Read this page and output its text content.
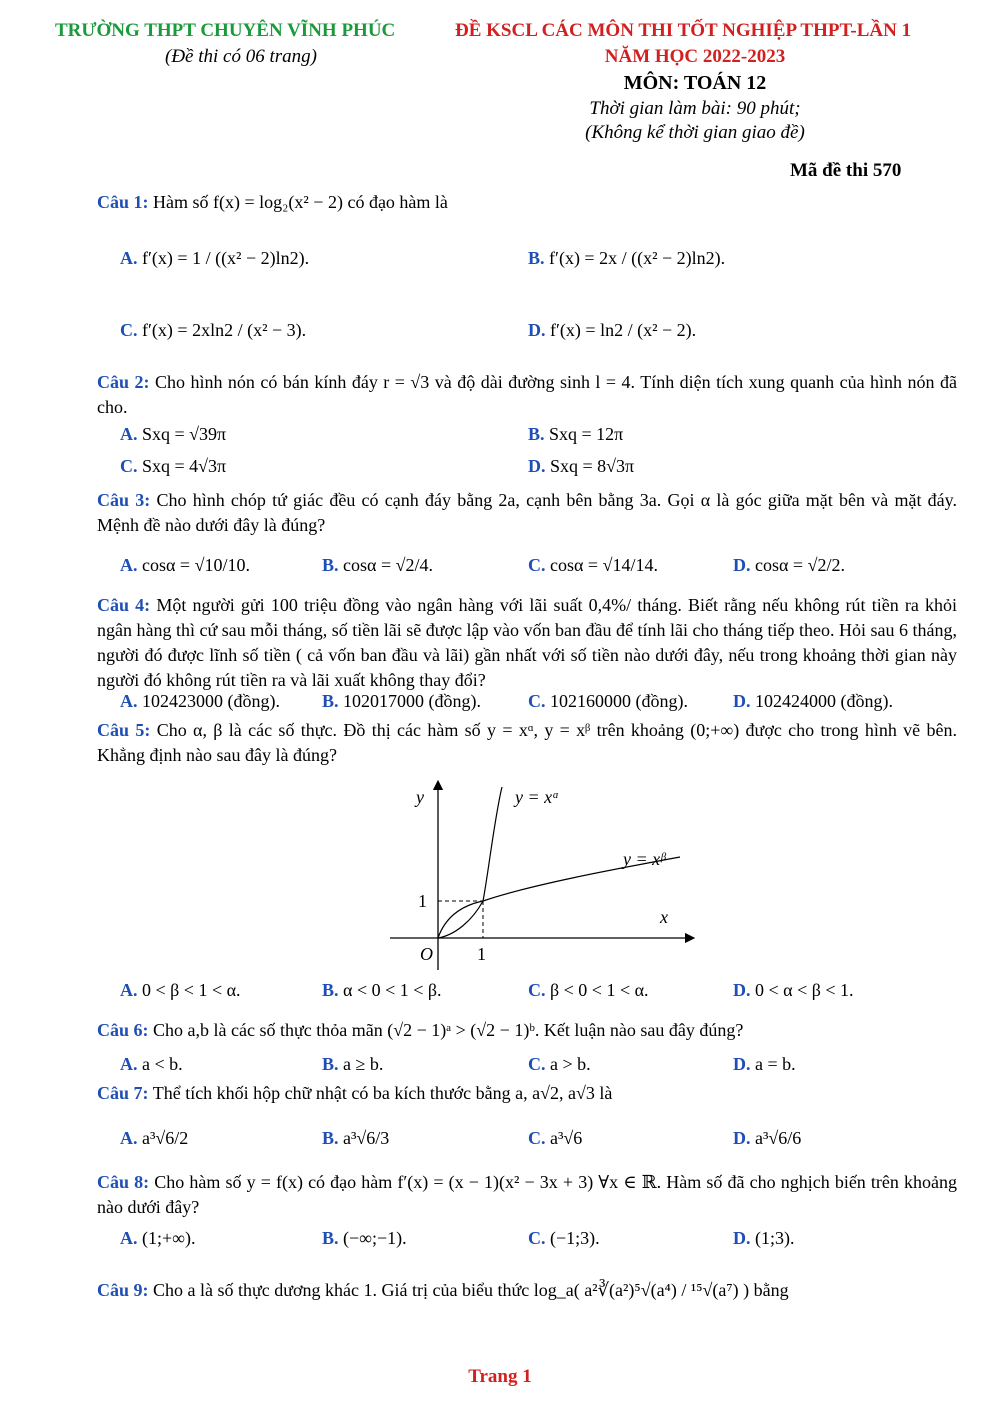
TRƯỜNG THPT CHUYÊN VĨNH PHÚC
(Đề thi có 06 trang)
ĐỀ KSCL CÁC MÔN THI TỐT NGHIỆP THPT-LẦN 1
NĂM HỌC 2022-2023
MÔN: TOÁN 12
Thời gian làm bài: 90 phút;
(Không kể thời gian giao đề)
Mã đề thi 570
Câu 1: Hàm số f(x) = log₂(x² − 2) có đạo hàm là
A. f′(x) = 1 / ((x² − 2)ln2).	B. f′(x) = 2x / ((x² − 2)ln2).
C. f′(x) = 2xln2 / (x² − 3).	D. f′(x) = ln2 / (x² − 2).
Câu 2: Cho hình nón có bán kính đáy r = √3 và độ dài đường sinh l = 4. Tính diện tích xung quanh của hình nón đã cho.
A. Sxq = √39π	B. Sxq = 12π
C. Sxq = 4√3π	D. Sxq = 8√3π
Câu 3: Cho hình chóp tứ giác đều có cạnh đáy bằng 2a, cạnh bên bằng 3a. Gọi α là góc giữa mặt bên và mặt đáy. Mệnh đề nào dưới đây là đúng?
A. cosα = √10/10.	B. cosα = √2/4.	C. cosα = √14/14.	D. cosα = √2/2.
Câu 4: Một người gửi 100 triệu đồng vào ngân hàng với lãi suất 0,4%/ tháng. Biết rằng nếu không rút tiền ra khỏi ngân hàng thì cứ sau mỗi tháng, số tiền lãi sẽ được lập vào vốn ban đầu để tính lãi cho tháng tiếp theo. Hỏi sau 6 tháng, người đó được lĩnh số tiền ( cả vốn ban đầu và lãi) gần nhất với số tiền nào dưới đây, nếu trong khoảng thời gian này người đó không rút tiền ra và lãi xuất không thay đổi?
A. 102423000 (đồng). B. 102017000 (đồng).	C. 102160000 (đồng).	D. 102424000 (đồng).
Câu 5: Cho α, β là các số thực. Đồ thị các hàm số y = xᵅ, y = xᵝ trên khoảng (0;+∞) được cho trong hình vẽ bên. Khẳng định nào sau đây là đúng?
y
x
O
1
1
y = xᵅ
y = xᵝ
A. 0 < β < 1 < α.	B. α < 0 < 1 < β.	C. β < 0 < 1 < α.	D. 0 < α < β < 1.
Câu 6: Cho a,b là các số thực thỏa mãn (√2 − 1)ᵃ > (√2 − 1)ᵇ. Kết luận nào sau đây đúng?
A. a < b.	B. a ≥ b.	C. a > b.	D. a = b.
Câu 7: Thể tích khối hộp chữ nhật có ba kích thước bằng a, a√2, a√3 là
A. a³√6/2	B. a³√6/3	C. a³√6	D. a³√6/6
Câu 8: Cho hàm số y = f(x) có đạo hàm f′(x) = (x − 1)(x² − 3x + 3) ∀x ∈ ℝ. Hàm số đã cho nghịch biến trên khoảng nào dưới đây?
A. (1;+∞).	B. (−∞;−1).	C. (−1;3).	D. (1;3).
Câu 9: Cho a là số thực dương khác 1. Giá trị của biểu thức log_a( a²∛(a²)⁵√(a⁴) / ¹⁵√(a⁷) ) bằng
Trang 1
